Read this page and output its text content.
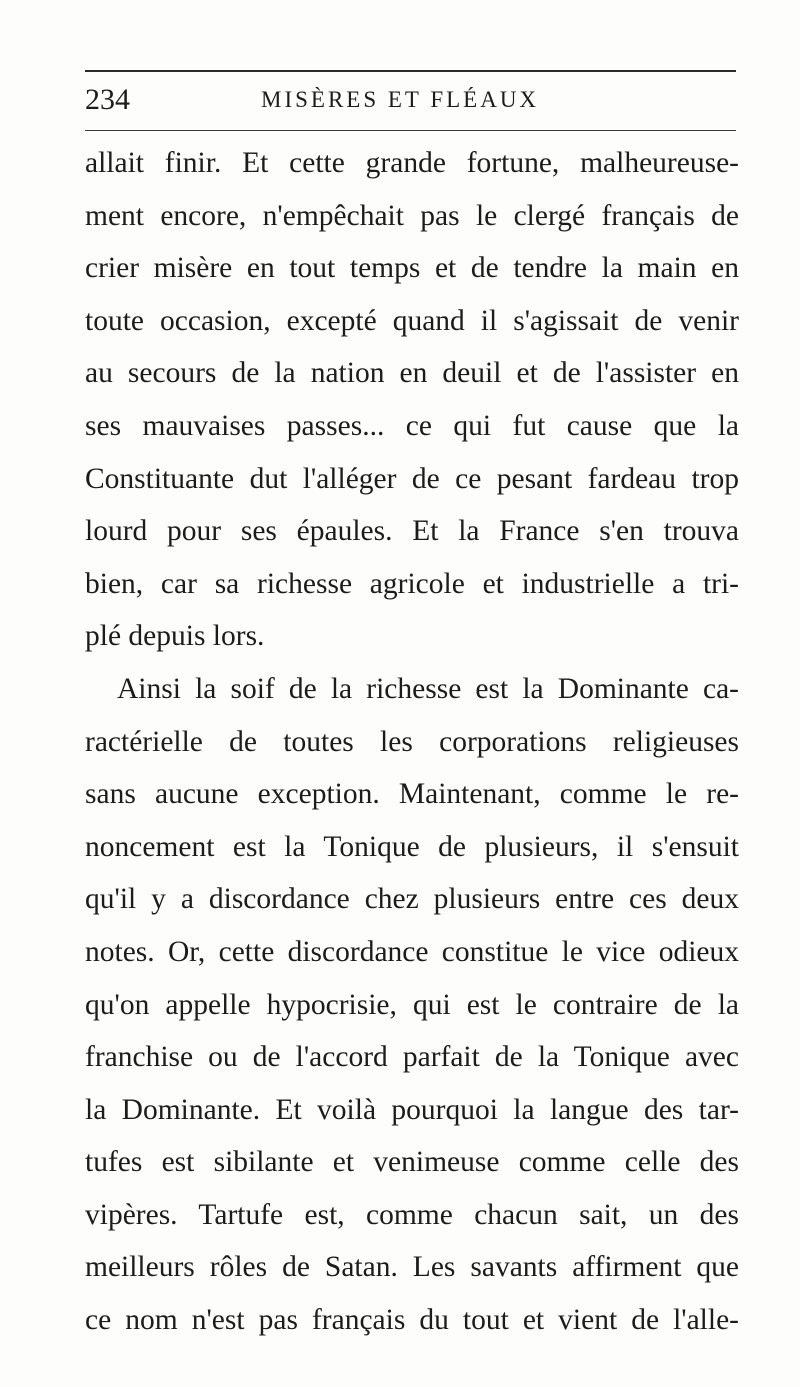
234	MISÈRES ET FLÉAUX
allait finir. Et cette grande fortune, malheureuse-
ment encore, n'empêchait pas le clergé français de
crier misère en tout temps et de tendre la main en
toute occasion, excepté quand il s'agissait de venir
au secours de la nation en deuil et de l'assister en
ses mauvaises passes... ce qui fut cause que la
Constituante dut l'alléger de ce pesant fardeau trop
lourd pour ses épaules. Et la France s'en trouva
bien, car sa richesse agricole et industrielle a tri-
plé depuis lors.
Ainsi la soif de la richesse est la Dominante ca-
ractérielle de toutes les corporations religieuses
sans aucune exception. Maintenant, comme le re-
noncement est la Tonique de plusieurs, il s'ensuit
qu'il y a discordance chez plusieurs entre ces deux
notes. Or, cette discordance constitue le vice odieux
qu'on appelle hypocrisie, qui est le contraire de la
franchise ou de l'accord parfait de la Tonique avec
la Dominante. Et voilà pourquoi la langue des tar-
tufes est sibilante et venimeuse comme celle des
vipères. Tartufe est, comme chacun sait, un des
meilleurs rôles de Satan. Les savants affirment que
ce nom n'est pas français du tout et vient de l'alle-
